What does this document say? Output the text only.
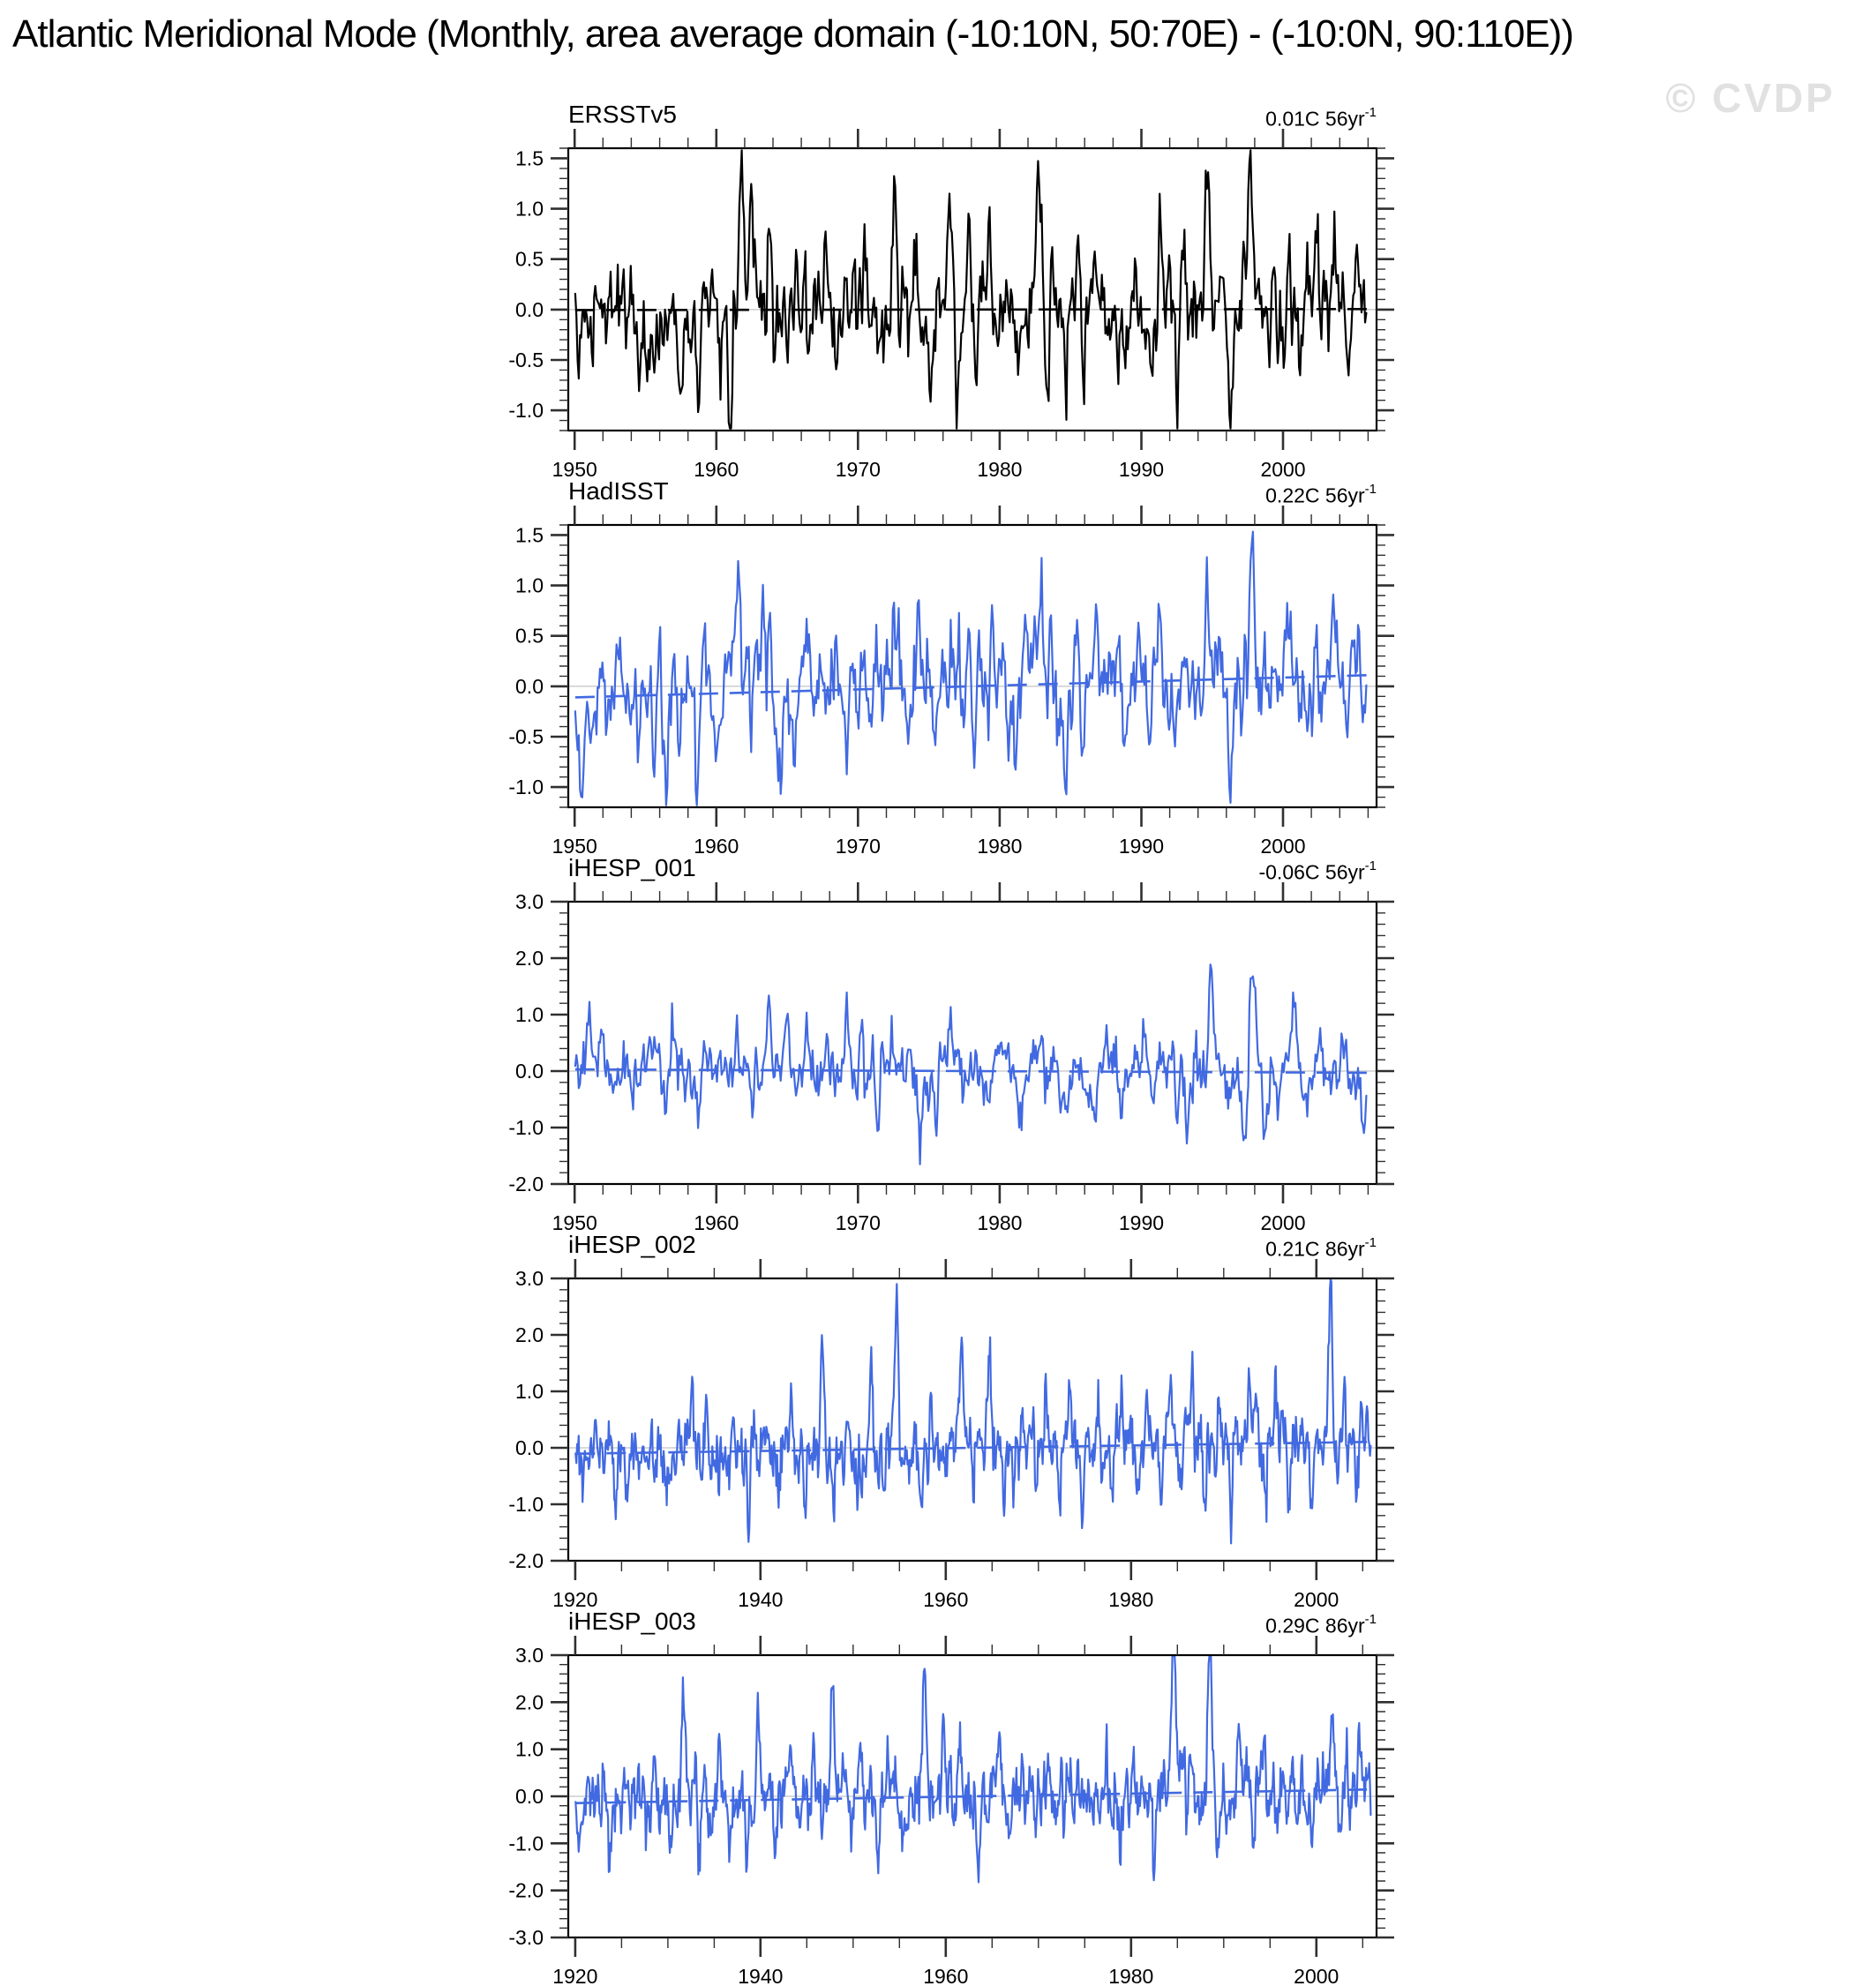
Atlantic Meridional Mode (Monthly, area average domain (-10:10N, 50:70E) - (-10:0N, 90:110E))
© CVDP
1.5
1.0
0.5
0.0
-0.5
-1.0
1950	1960	1970	1980	1990	2000
1.5
1.0
0.5
0.0
-0.5
-1.0
1950	1960	1970	1980	1990	2000
3.0
2.0
1.0
0.0
-1.0
-2.0
1950	1960	1970	1980	1990	2000
3.0
2.0
1.0
0.0
-1.0
-2.0
1920	1940	1960	1980	2000
3.0
2.0
1.0
0.0
-1.0
-2.0
-3.0
1920	1940	1960	1980	2000
ERSSTv5	0.01C $56yr^{-1}$
HadISST	0.22C $56yr^{-1}$
iHESP_001	-0.06C $56yr^{-1}$
iHESP_002	0.21C $86yr^{-1}$
iHESP_003	0.29C $86yr^{-1}$
